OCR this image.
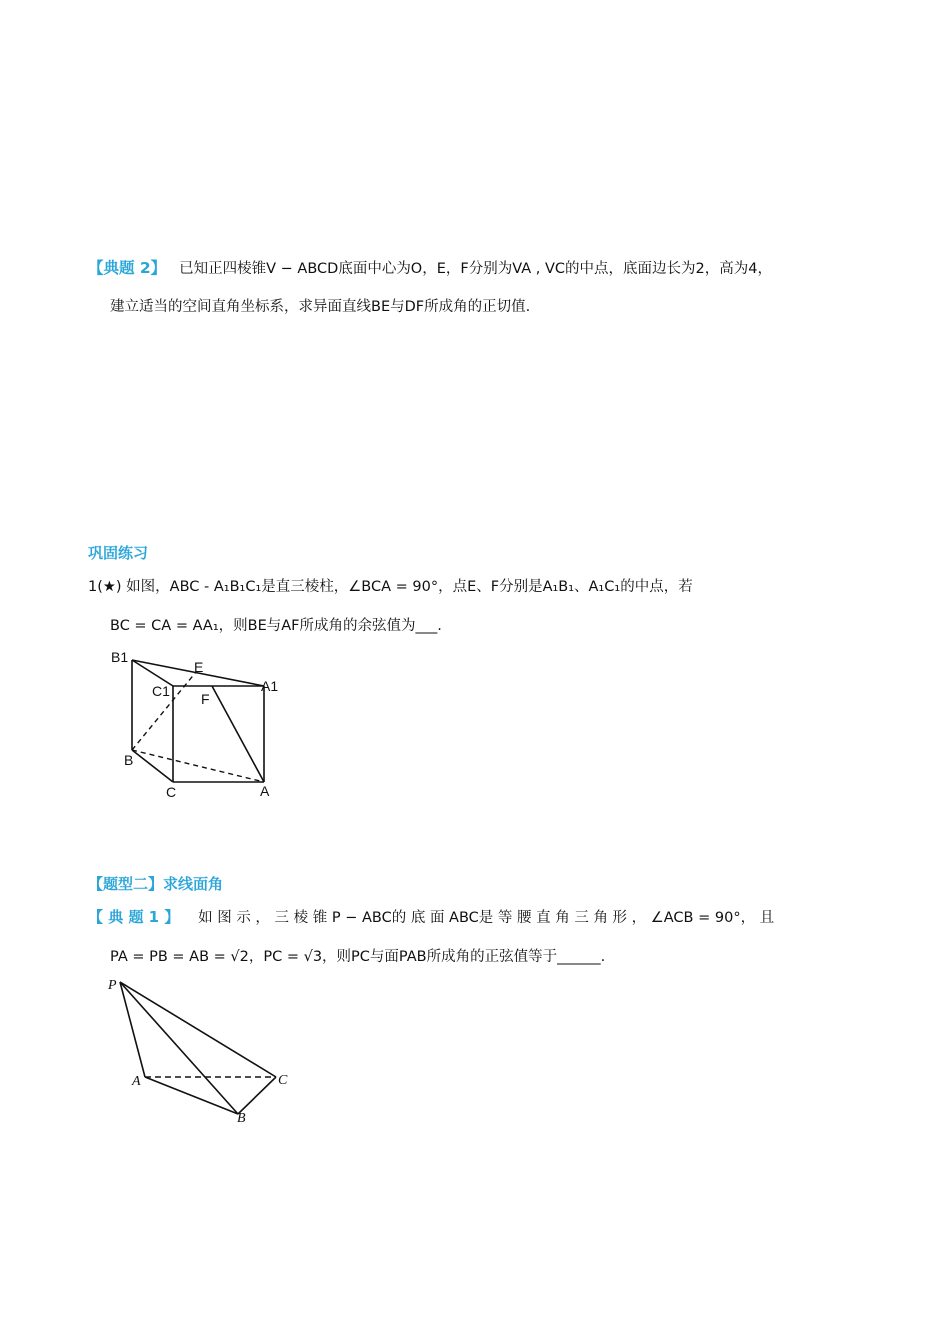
【典题 2】 已知正四棱锥V − ABCD底面中心为O，E，F分别为VA , VC的中点，底面边长为2，高为4，
建立适当的空间直角坐标系，求异面直线BE与DF所成角的正切值.
巩固练习
1(★) 如图，ABC - A₁B₁C₁是直三棱柱，∠BCA = 90°，点E、F分别是A₁B₁、A₁C₁的中点，若
BC = CA = AA₁，则BE与AF所成角的余弦值为___.
B1
E
C1 F
A1
B
C	A
【题型二】求线面角
【 典 题 1 】 如 图 示 ， 三 棱 锥 P − ABC的 底 面 ABC是 等 腰 直 角 三 角 形 ， ∠ACB = 90°， 且
PA = PB = AB = √2，PC = √3，则PC与面PAB所成角的正弦值等于______.
P
A	C
B
